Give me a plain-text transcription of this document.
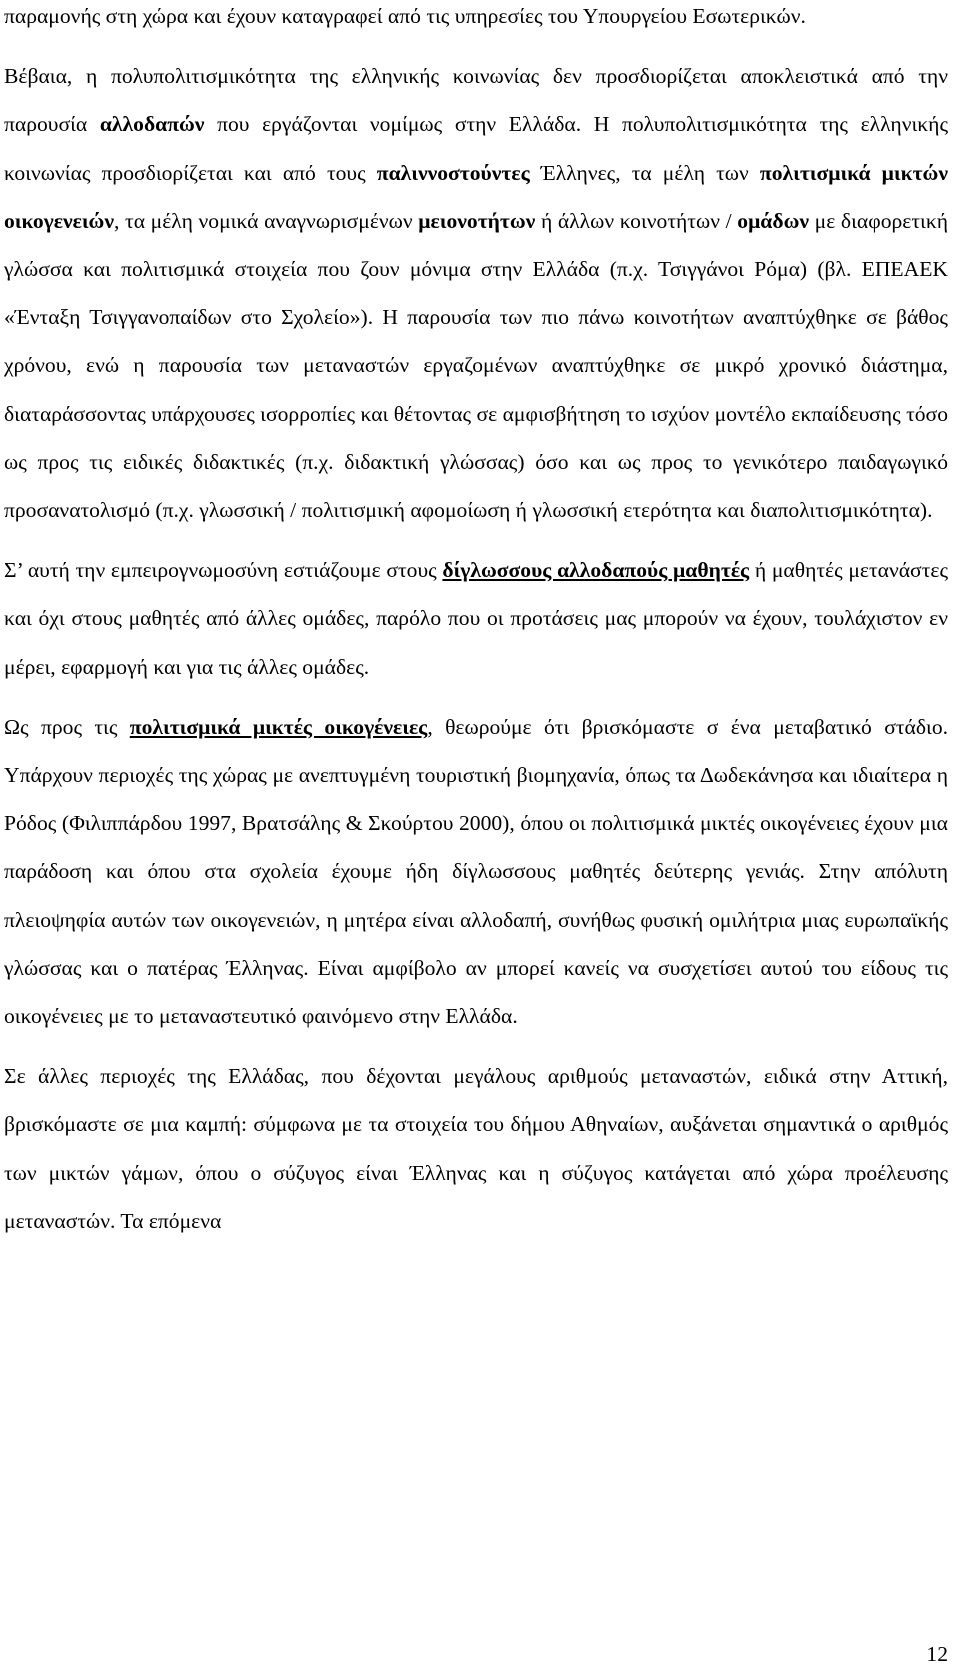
παραμονής στη χώρα και έχουν καταγραφεί από τις υπηρεσίες του Υπουργείου Εσωτερικών.

Βέβαια, η πολυπολιτισμικότητα της ελληνικής κοινωνίας δεν προσδιορίζεται αποκλειστικά από την παρουσία αλλοδαπών που εργάζονται νομίμως στην Ελλάδα. Η πολυπολιτισμικότητα της ελληνικής κοινωνίας προσδιορίζεται και από τους παλιννοστούντες Έλληνες, τα μέλη των πολιτισμικά μικτών οικογενειών, τα μέλη νομικά αναγνωρισμένων μειονοτήτων ή άλλων κοινοτήτων / ομάδων με διαφορετική γλώσσα και πολιτισμικά στοιχεία που ζουν μόνιμα στην Ελλάδα (π.χ. Τσιγγάνοι Ρόμα) (βλ. ΕΠΕΑΕΚ «Ένταξη Τσιγγανοπαίδων στο Σχολείο»). Η παρουσία των πιο πάνω κοινοτήτων αναπτύχθηκε σε βάθος χρόνου, ενώ η παρουσία των μεταναστών εργαζομένων αναπτύχθηκε σε μικρό χρονικό διάστημα, διαταράσσοντας υπάρχουσες ισορροπίες και θέτοντας σε αμφισβήτηση το ισχύον μοντέλο εκπαίδευσης τόσο ως προς τις ειδικές διδακτικές (π.χ. διδακτική γλώσσας) όσο και ως προς το γενικότερο παιδαγωγικό προσανατολισμό (π.χ. γλωσσική / πολιτισμική αφομοίωση ή γλωσσική ετερότητα και διαπολιτισμικότητα).

Σ’ αυτή την εμπειρογνωμοσύνη εστιάζουμε στους δίγλωσσους αλλοδαπούς μαθητές ή μαθητές μετανάστες και όχι στους μαθητές από άλλες ομάδες, παρόλο που οι προτάσεις μας μπορούν να έχουν, τουλάχιστον εν μέρει, εφαρμογή και για τις άλλες ομάδες.

Ως προς τις πολιτισμικά μικτές οικογένειες, θεωρούμε ότι βρισκόμαστε σ ένα μεταβατικό στάδιο. Υπάρχουν περιοχές της χώρας με ανεπτυγμένη τουριστική βιομηχανία, όπως τα Δωδεκάνησα και ιδιαίτερα η Ρόδος (Φιλιππάρδου 1997, Βρατσάλης & Σκούρτου 2000), όπου οι πολιτισμικά μικτές οικογένειες έχουν μια παράδοση και όπου στα σχολεία έχουμε ήδη δίγλωσσους μαθητές δεύτερης γενιάς. Στην απόλυτη πλειοψηφία αυτών των οικογενειών, η μητέρα είναι αλλοδαπή, συνήθως φυσική ομιλήτρια μιας ευρωπαϊκής γλώσσας και ο πατέρας Έλληνας. Είναι αμφίβολο αν μπορεί κανείς να συσχετίσει αυτού του είδους τις οικογένειες με το μεταναστευτικό φαινόμενο στην Ελλάδα.

Σε άλλες περιοχές της Ελλάδας, που δέχονται μεγάλους αριθμούς μεταναστών, ειδικά στην Αττική, βρισκόμαστε σε μια καμπή: σύμφωνα με τα στοιχεία του δήμου Αθηναίων, αυξάνεται σημαντικά ο αριθμός των μικτών γάμων, όπου ο σύζυγος είναι Έλληνας και η σύζυγος κατάγεται από χώρα προέλευσης μεταναστών. Τα επόμενα

12
